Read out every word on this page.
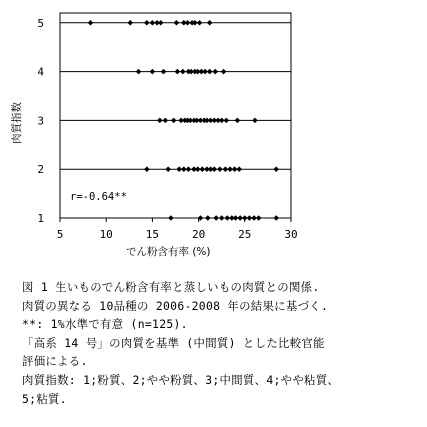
5	10	15	20	25	30
1
2
3
4
5
r=-0.64**
でん粉含有率 (%)
肉質指数
図 1 生いものでん粉含有率と蒸しいもの肉質との関係.
肉質の異なる 10品種の 2006-2008 年の結果に基づく.
**: 1%水準で有意 (n=125).
「高系 14 号」の肉質を基準 (中間質) とした比較官能
評価による.
肉質指数: 1;粉質、2;やや粉質、3;中間質、4;やや粘質、
5;粘質.
